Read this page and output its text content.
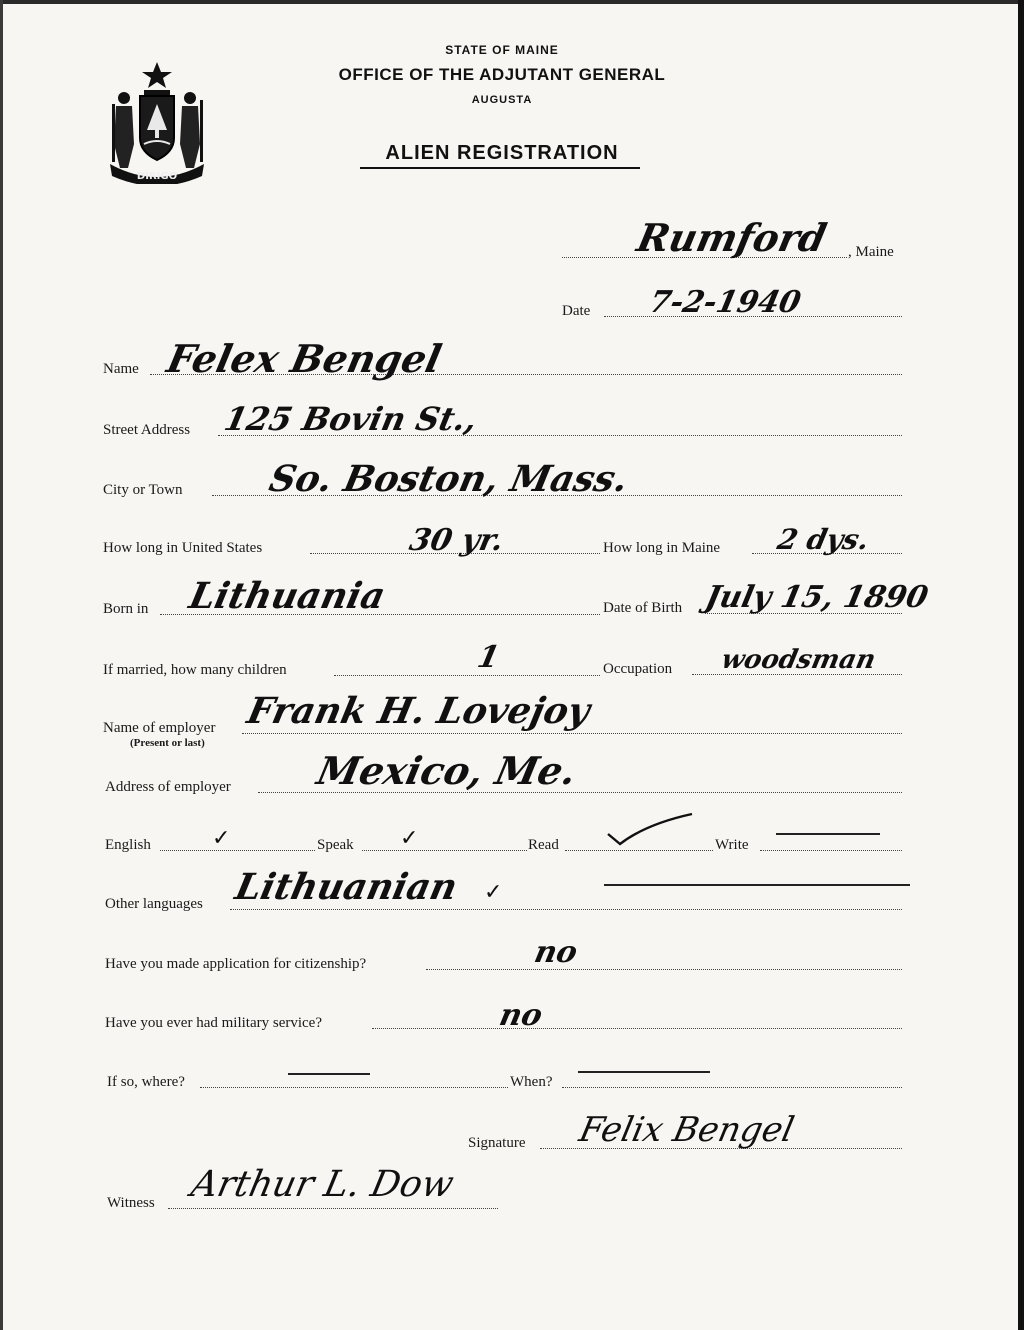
DIRIGO
STATE OF MAINE
OFFICE OF THE ADJUTANT GENERAL
AUGUSTA
ALIEN REGISTRATION
Rumford , Maine
Date 7-2-1940
Name Felex Bengel
Street Address 125 Bovin St.,
City or Town So. Boston, Mass.
How long in United States	30 yr.	How long in Maine 2 dys.
Born in Lithuania	Date of Birth July 15, 1890
If married, how many children	1	Occupation woodsman
Name of employer
(Present or last)
Frank H. Lovejoy
Address of employer Mexico, Me.
English	✓	Speak ✓	Read	Write
Other languages Lithuanian ✓
Have you made application for citizenship?	no
Have you ever had military service?	no
If so, where?	When?
Signature Felix Bengel
Witness Arthur L. Dow
